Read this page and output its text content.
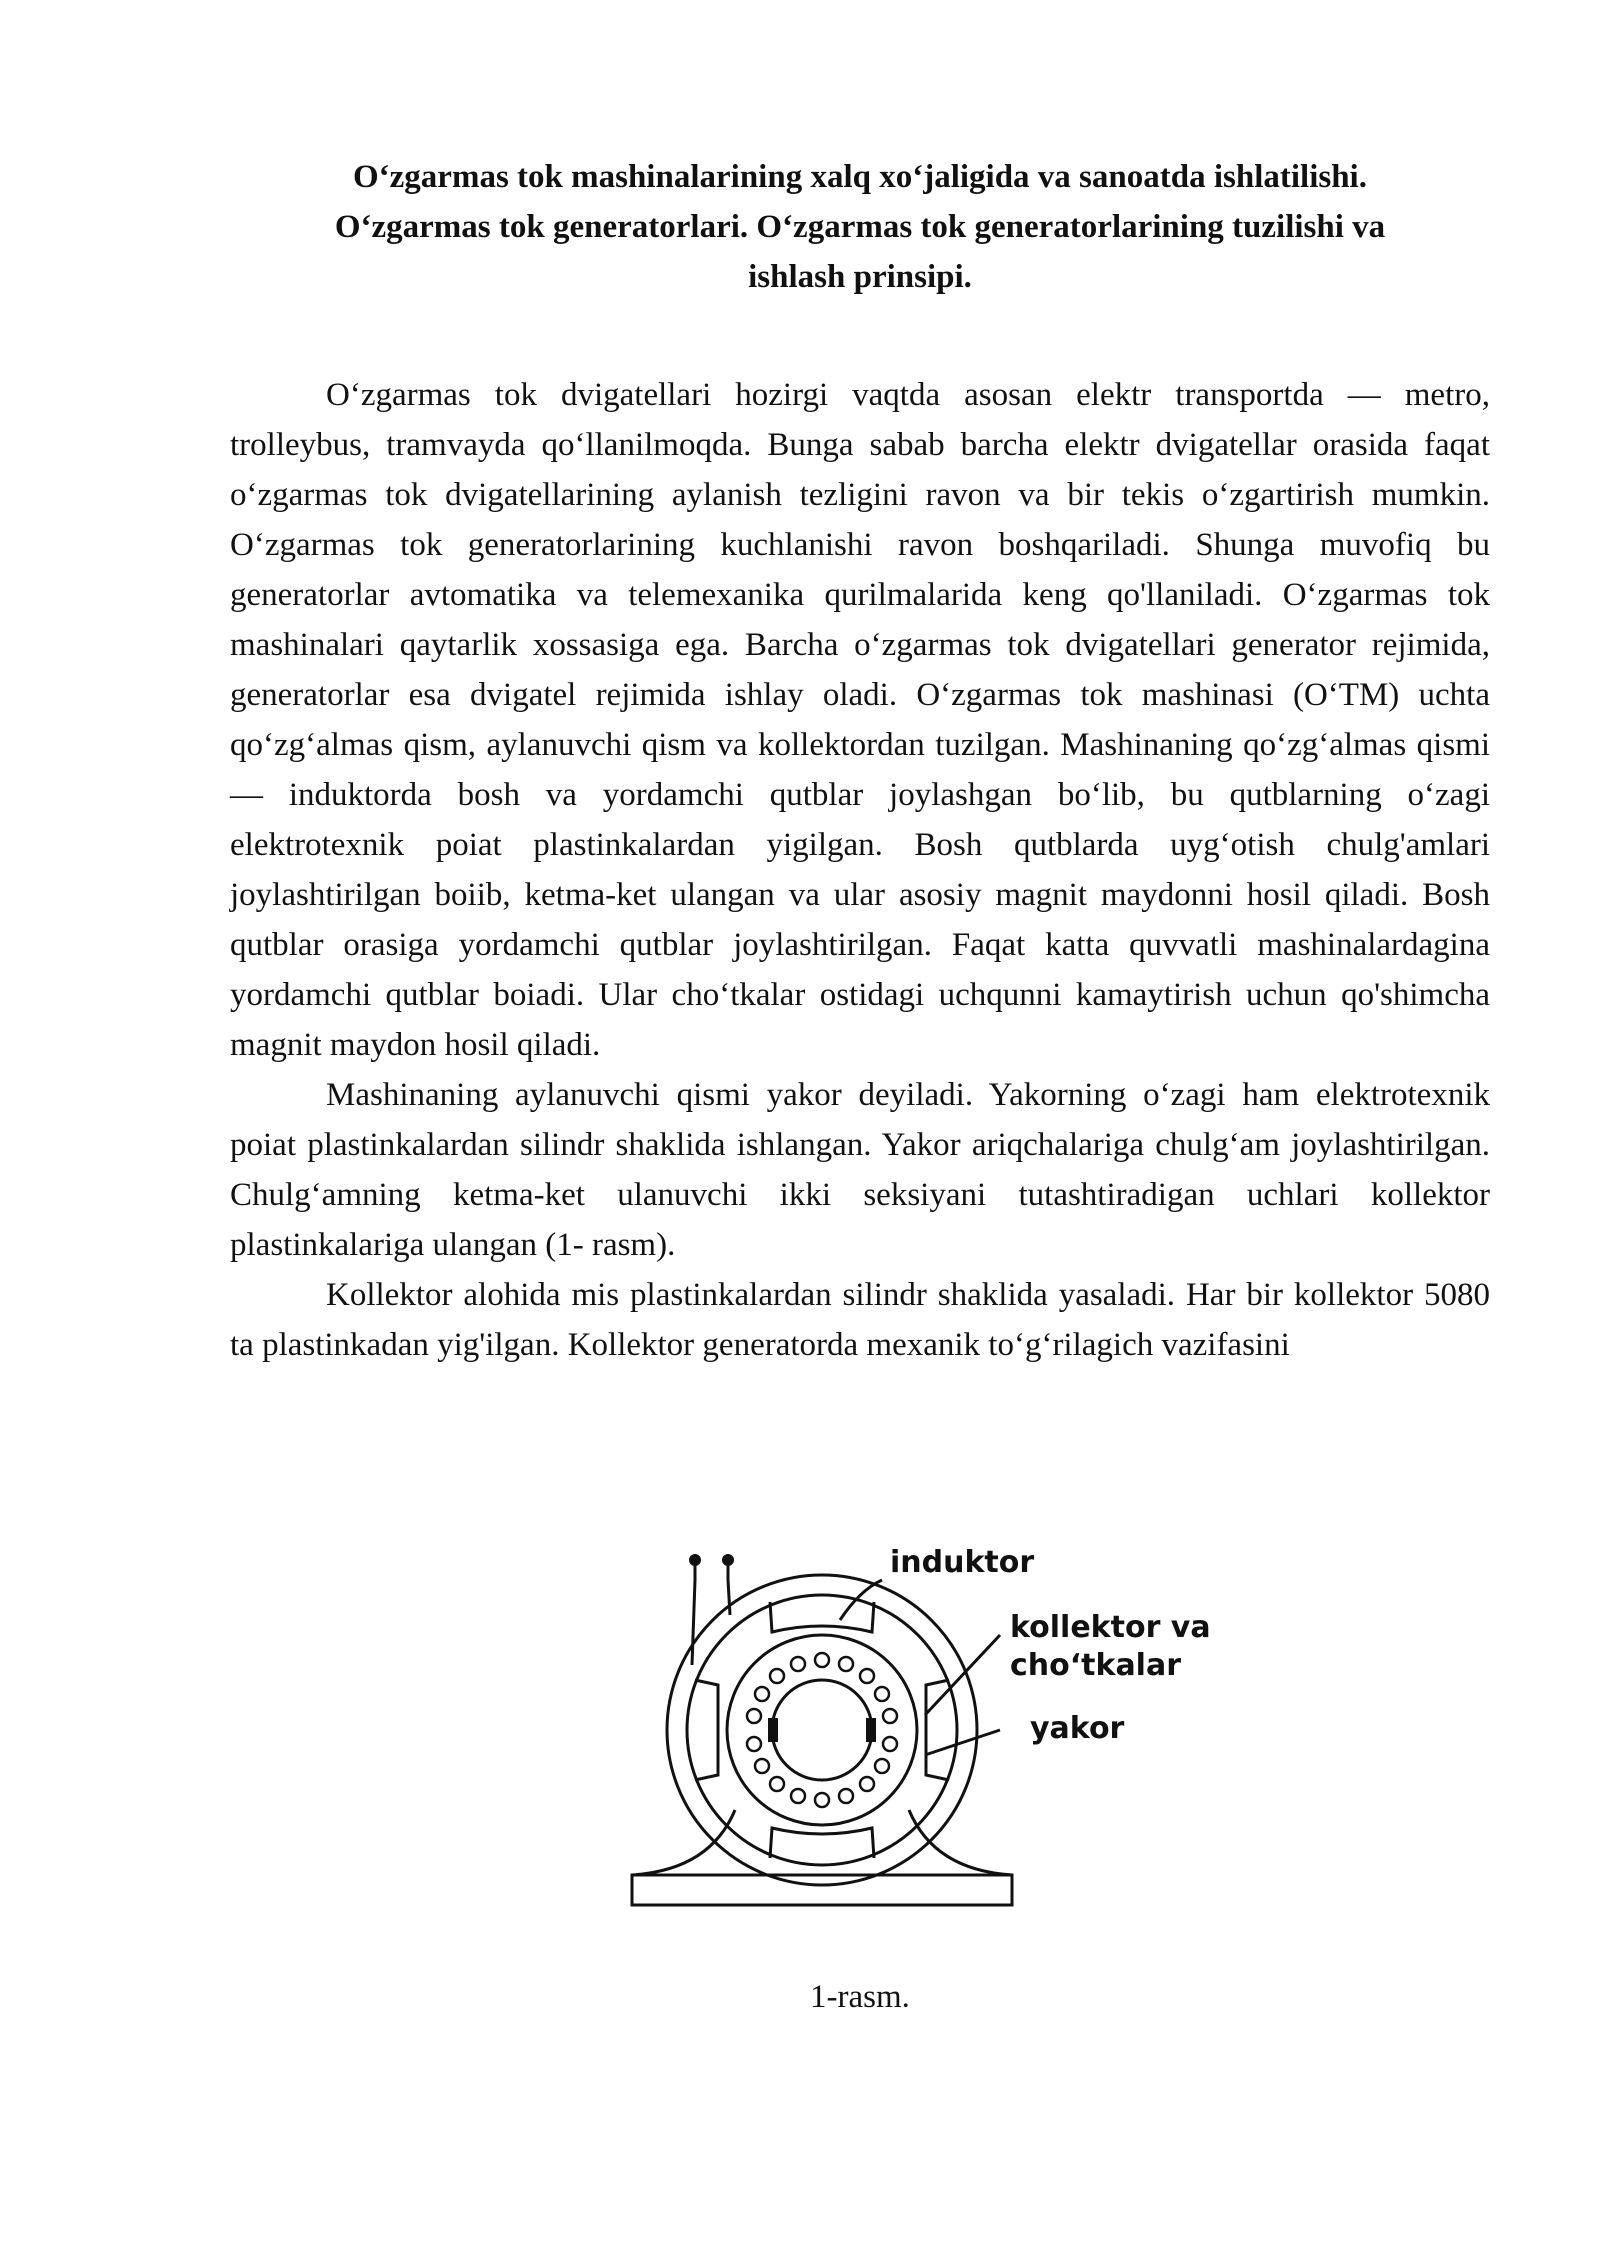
O‘zgarmas tok mashinalarining xalq xo‘jaligida va sanoatda ishlatilishi.
O‘zgarmas tok generatorlari. O‘zgarmas tok generatorlarining tuzilishi va
ishlash prinsipi.

O‘zgarmas tok dvigatellari hozirgi vaqtda asosan elektr transportda — metro, trolleybus, tramvayda qo‘llanilmoqda. Bunga sabab barcha elektr dvigatellar orasida faqat o‘zgarmas tok dvigatellarining aylanish tezligini ravon va bir tekis o‘zgartirish mumkin. O‘zgarmas tok generatorlarining kuchlanishi ravon boshqariladi. Shunga muvofiq bu generatorlar avtomatika va telemexanika qurilmalarida keng qo'llaniladi. O‘zgarmas tok mashinalari qaytarlik xossasiga ega. Barcha o‘zgarmas tok dvigatellari generator rejimida, generatorlar esa dvigatel rejimida ishlay oladi. O‘zgarmas tok mashinasi (O‘TM) uchta qo‘zg‘almas qism, aylanuvchi qism va kollektordan tuzilgan. Mashinaning qo‘zg‘almas qismi — induktorda bosh va yordamchi qutblar joylashgan bo‘lib, bu qutblarning o‘zagi elektrotexnik poiat plastinkalardan yigilgan. Bosh qutblarda uyg‘otish chulg'amlari joylashtirilgan boiib, ketma-ket ulangan va ular asosiy magnit maydonni hosil qiladi. Bosh qutblar orasiga yordamchi qutblar joylashtirilgan. Faqat katta quvvatli mashinalardagina yordamchi qutblar boiadi. Ular cho‘tkalar ostidagi uchqunni kamaytirish uchun qo'shimcha magnit maydon hosil qiladi.

Mashinaning aylanuvchi qismi yakor deyiladi. Yakorning o‘zagi ham elektrotexnik poiat plastinkalardan silindr shaklida ishlangan. Yakor ariqchalariga chulg‘am joylashtirilgan. Chulg‘amning ketma-ket ulanuvchi ikki seksiyani tutashtiradigan uchlari kollektor plastinkalariga ulangan (1- rasm).

Kollektor alohida mis plastinkalardan silindr shaklida yasaladi. Har bir kollektor 5080 ta plastinkadan yig'ilgan. Kollektor generatorda mexanik to‘g‘rilagich vazifasini

induktor
kollektor va
cho‘tkalar
yakor
1-rasm.
